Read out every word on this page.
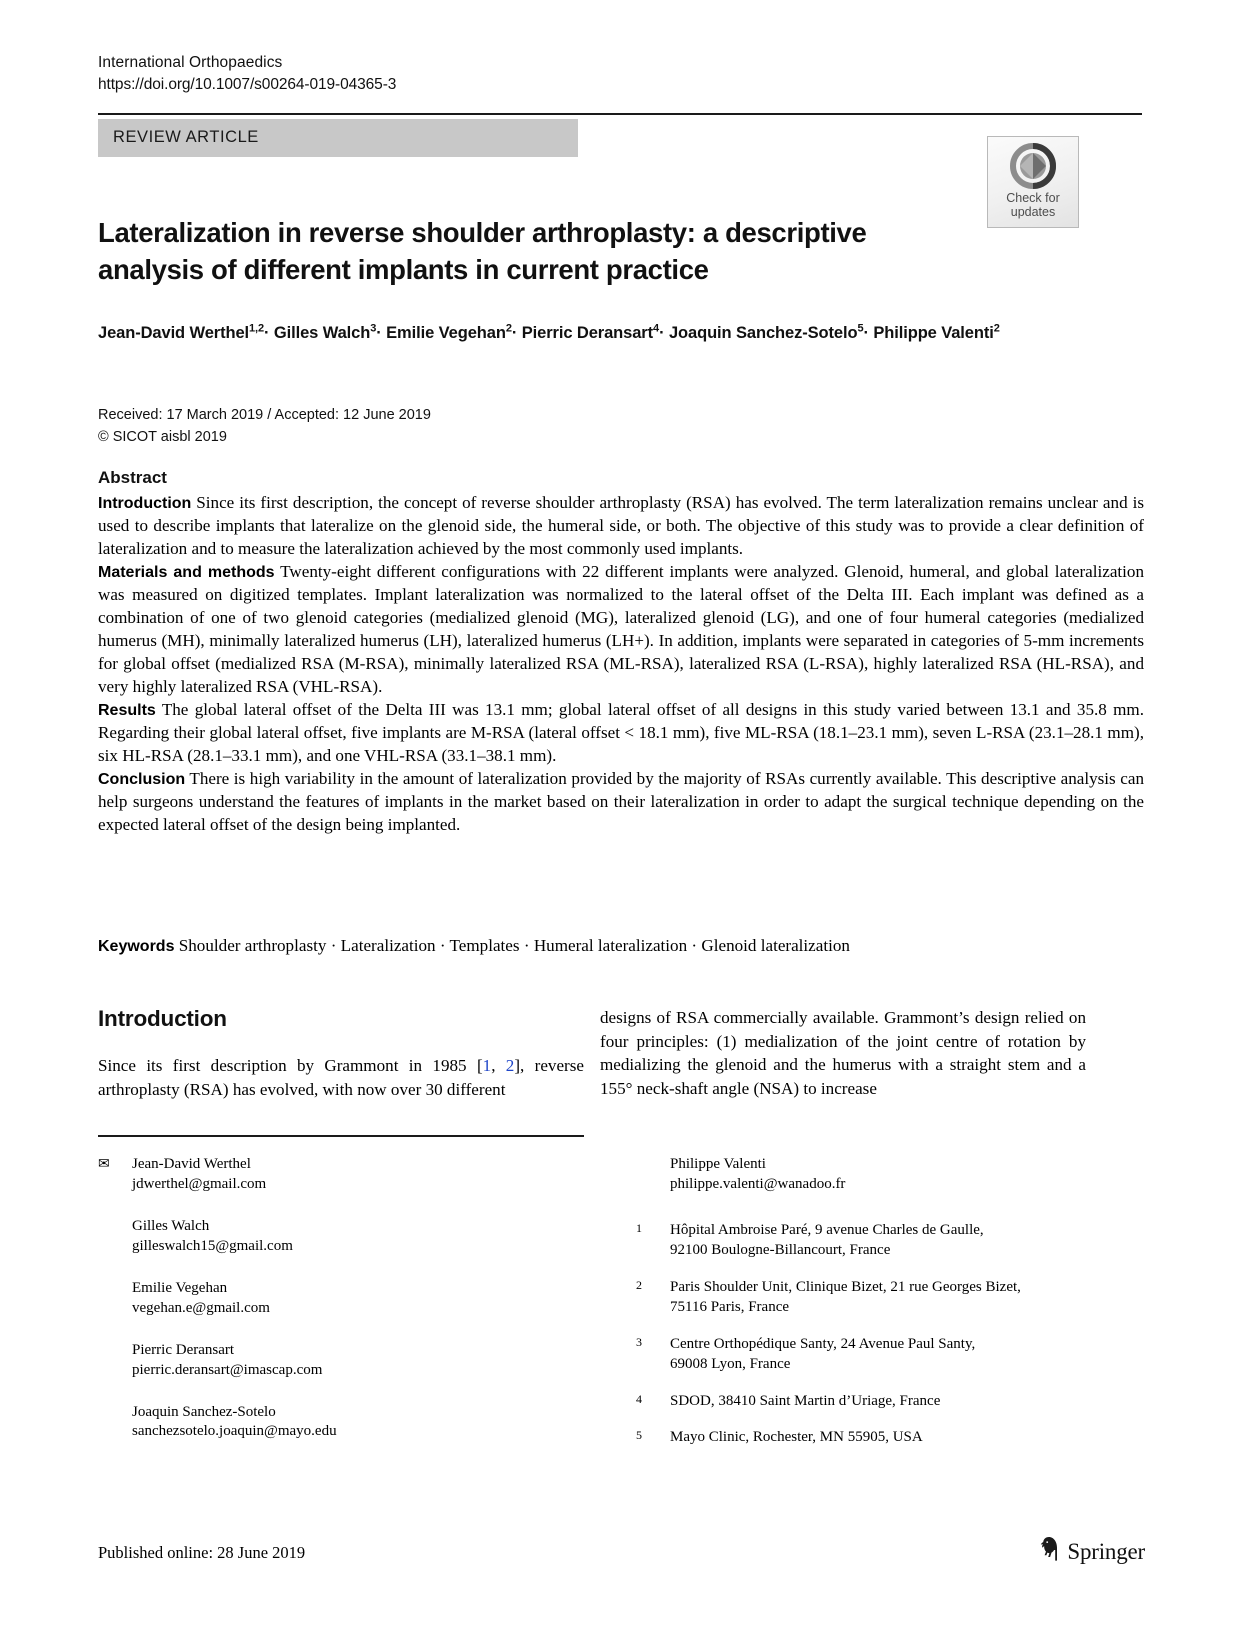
International Orthopaedics
https://doi.org/10.1007/s00264-019-04365-3
REVIEW ARTICLE
Check for
updates
Lateralization in reverse shoulder arthroplasty: a descriptive analysis of different implants in current practice
Jean-David Werthel$^{1,2}$· Gilles Walch$^3$· Emilie Vegehan$^2$· Pierric Deransart$^4$· Joaquin Sanchez-Sotelo$^5$· Philippe Valenti$^2$
Received: 17 March 2019 / Accepted: 12 June 2019
© SICOT aisbl 2019
Abstract

Introduction Since its first description, the concept of reverse shoulder arthroplasty (RSA) has evolved. The term lateralization remains unclear and is used to describe implants that lateralize on the glenoid side, the humeral side, or both. The objective of this study was to provide a clear definition of lateralization and to measure the lateralization achieved by the most commonly used implants.

Materials and methods Twenty-eight different configurations with 22 different implants were analyzed. Glenoid, humeral, and global lateralization was measured on digitized templates. Implant lateralization was normalized to the lateral offset of the Delta III. Each implant was defined as a combination of one of two glenoid categories (medialized glenoid (MG), lateralized glenoid (LG), and one of four humeral categories (medialized humerus (MH), minimally lateralized humerus (LH), lateralized humerus (LH+). In addition, implants were separated in categories of 5-mm increments for global offset (medialized RSA (M-RSA), minimally lateralized RSA (ML-RSA), lateralized RSA (L-RSA), highly lateralized RSA (HL-RSA), and very highly lateralized RSA (VHL-RSA).

Results The global lateral offset of the Delta III was 13.1 mm; global lateral offset of all designs in this study varied between 13.1 and 35.8 mm. Regarding their global lateral offset, five implants are M-RSA (lateral offset < 18.1 mm), five ML-RSA (18.1–23.1 mm), seven L-RSA (23.1–28.1 mm), six HL-RSA (28.1–33.1 mm), and one VHL-RSA (33.1–38.1 mm).

Conclusion There is high variability in the amount of lateralization provided by the majority of RSAs currently available. This descriptive analysis can help surgeons understand the features of implants in the market based on their lateralization in order to adapt the surgical technique depending on the expected lateral offset of the design being implanted.

Keywords Shoulder arthroplasty · Lateralization · Templates · Humeral lateralization · Glenoid lateralization
Introduction

Since its first description by Grammont in 1985 [1, 2], reverse arthroplasty (RSA) has evolved, with now over 30 different

designs of RSA commercially available. Grammont’s design relied on four principles: (1) medialization of the joint centre of rotation by medializing the glenoid and the humerus with a straight stem and a 155° neck-shaft angle (NSA) to increase

✉	Jean-David Werthel
jdwerthel@gmail.com
Gilles Walch
gilleswalch15@gmail.com
Emilie Vegehan
vegehan.e@gmail.com
Pierric Deransart
pierric.deransart@imascap.com
Joaquin Sanchez-Sotelo
sanchezsotelo.joaquin@mayo.edu
Philippe Valenti
philippe.valenti@wanadoo.fr
1	Hôpital Ambroise Paré, 9 avenue Charles de Gaulle,
92100 Boulogne-Billancourt, France
2	Paris Shoulder Unit, Clinique Bizet, 21 rue Georges Bizet,
75116 Paris, France
3	Centre Orthopédique Santy, 24 Avenue Paul Santy,
69008 Lyon, France
4	SDOD, 38410 Saint Martin d’Uriage, France
5	Mayo Clinic, Rochester, MN 55905, USA
Published online: 28 June 2019	Springer
